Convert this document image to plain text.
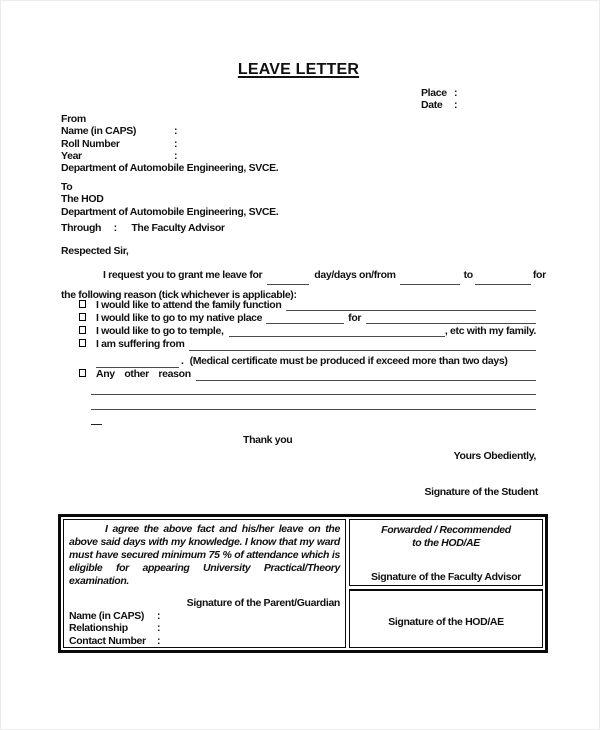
LEAVE LETTER
Place :
Date	:
From
Name (in CAPS)	:
Roll Number	:
Year	:
Department of Automobile Engineering, SVCE.
To
The HOD
Department of Automobile Engineering, SVCE.
Through : The Faculty Advisor
Respected Sir,
I request you to grant me leave for	day/days on/from	to	for
the following reason (tick whichever is applicable):
I would like to attend the family function
I would like to go to my native place	for
I would like to go to temple,	, etc with my family.
I am suffering from
. (Medical certificate must be produced if exceed more than two days)
Any other reason
Thank you
Yours Obediently,
Signature of the Student
I agree the above fact and his/her leave on the above said days with my knowledge. I know that my ward must have secured minimum 75 % of attendance which is eligible for appearing University Practical/Theory examination.
Signature of the Parent/Guardian
Name (in CAPS)	:
Relationship	:
Contact Number	:
Forwarded / Recommended
to the HOD/AE
Signature of the Faculty Advisor
Signature of the HOD/AE
